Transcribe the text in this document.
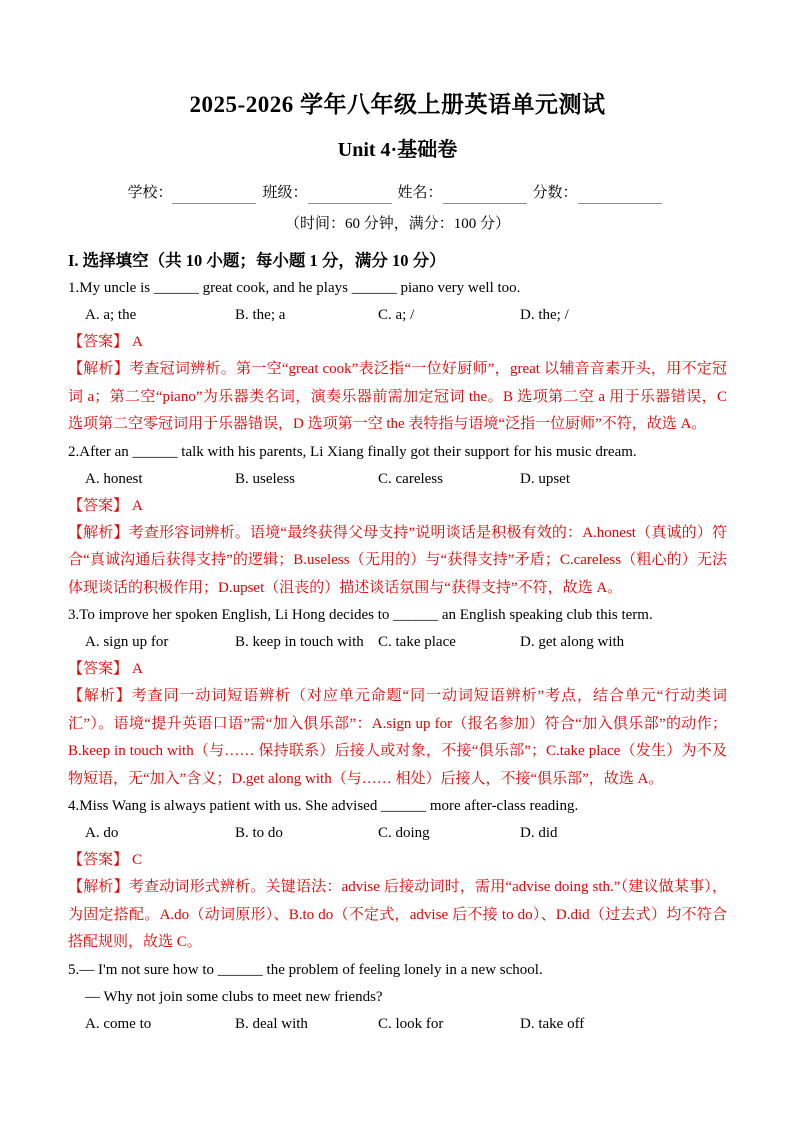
2025-2026 学年八年级上册英语单元测试
Unit 4·基础卷
学校：	班级：	姓名：	分数：

（时间：60 分钟，满分：100 分）

I. 选择填空（共 10 小题；每小题 1 分，满分 10 分）

1.My uncle is ______ great cook, and he plays ______ piano very well too.

A. a; the	B. the; a	C. a; /	D. the; /

【答案】 A

【解析】考查冠词辨析。第一空“great cook”表泛指“一位好厨师”，great 以辅音音素开头，用不定冠词 a；第二空“piano”为乐器类名词，演奏乐器前需加定冠词 the。B 选项第二空 a 用于乐器错误，C 选项第二空零冠词用于乐器错误，D 选项第一空 the 表特指与语境“泛指一位厨师”不符，故选 A。

2.After an ______ talk with his parents, Li Xiang finally got their support for his music dream.

A. honest	B. useless	C. careless	D. upset

【答案】 A

【解析】考查形容词辨析。语境“最终获得父母支持”说明谈话是积极有效的：A.honest（真诚的）符合“真诚沟通后获得支持”的逻辑；B.useless（无用的）与“获得支持”矛盾；C.careless（粗心的）无法体现谈话的积极作用；D.upset（沮丧的）描述谈话氛围与“获得支持”不符，故选 A。

3.To improve her spoken English, Li Hong decides to ______ an English speaking club this term.

A. sign up for	B. keep in touch with C. take place	D. get along with

【答案】 A

【解析】考查同一动词短语辨析（对应单元命题“同一动词短语辨析”考点，结合单元“行动类词汇”）。语境“提升英语口语”需“加入俱乐部”：A.sign up for（报名参加）符合“加入俱乐部”的动作；B.keep in touch with（与…… 保持联系）后接人或对象，不接“俱乐部”；C.take place（发生）为不及物短语，无“加入”含义；D.get along with（与…… 相处）后接人，不接“俱乐部”，故选 A。

4.Miss Wang is always patient with us. She advised ______ more after-class reading.

A. do	B. to do	C. doing	D. did

【答案】 C

【解析】考查动词形式辨析。关键语法：advise 后接动词时，需用“advise doing sth.”（建议做某事），为固定搭配。A.do（动词原形）、B.to do（不定式，advise 后不接 to do）、D.did（过去式）均不符合搭配规则，故选 C。

5.— I'm not sure how to ______ the problem of feeling lonely in a new school.

— Why not join some clubs to meet new friends?

A. come to	B. deal with	C. look for	D. take off
